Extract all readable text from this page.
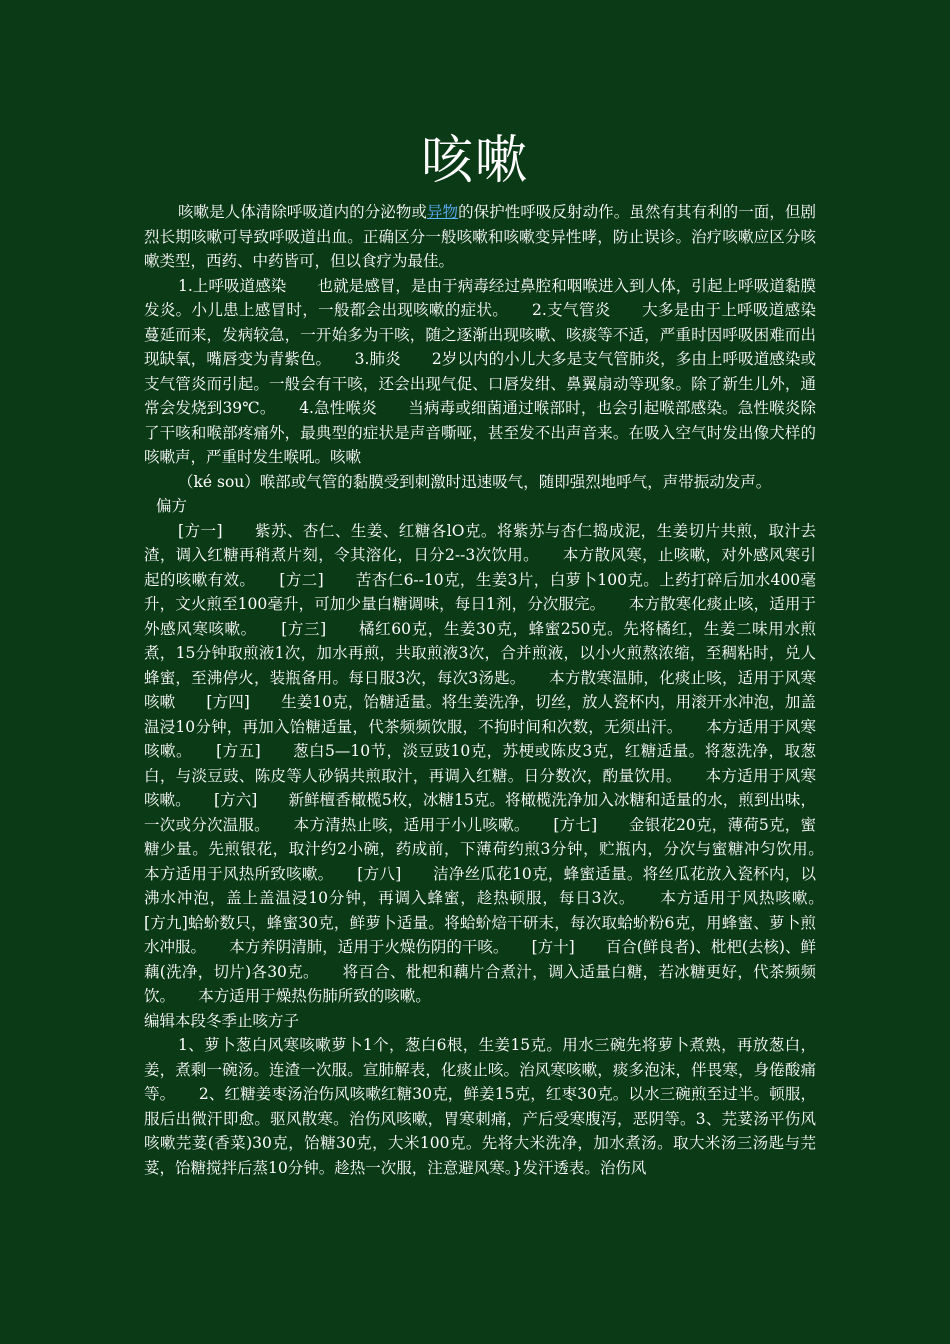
咳嗽

咳嗽是人体清除呼吸道内的分泌物或异物的保护性呼吸反射动作。虽然有其有利的一面，但剧烈长期咳嗽可导致呼吸道出血。正确区分一般咳嗽和咳嗽变异性哮，防止误诊。治疗咳嗽应区分咳嗽类型，西药、中药皆可，但以食疗为最佳。

1.上呼吸道感染　　也就是感冒，是由于病毒经过鼻腔和咽喉进入到人体，引起上呼吸道黏膜发炎。小儿患上感冒时，一般都会出现咳嗽的症状。　　2.支气管炎　　大多是由于上呼吸道感染蔓延而来，发病较急，一开始多为干咳，随之逐渐出现咳嗽、咳痰等不适，严重时因呼吸困难而出现缺氧，嘴唇变为青紫色。　　3.肺炎　　2岁以内的小儿大多是支气管肺炎，多由上呼吸道感染或支气管炎而引起。一般会有干咳，还会出现气促、口唇发绀、鼻翼扇动等现象。除了新生儿外，通常会发烧到39℃。　　4.急性喉炎　　当病毒或细菌通过喉部时，也会引起喉部感染。急性喉炎除了干咳和喉部疼痛外，最典型的症状是声音嘶哑，甚至发不出声音来。在吸入空气时发出像犬样的咳嗽声，严重时发生喉吼。咳嗽

（ké sou）喉部或气管的黏膜受到刺激时迅速吸气，随即强烈地呼气，声带振动发声。

偏方

[方一]　　紫苏、杏仁、生姜、红糖各lO克。将紫苏与杏仁捣成泥，生姜切片共煎，取汁去渣，调入红糖再稍煮片刻，令其溶化，日分2--3次饮用。　　本方散风寒，止咳嗽，对外感风寒引起的咳嗽有效。　　[方二]　　苦杏仁6--10克，生姜3片，白萝卜100克。上药打碎后加水400毫升，文火煎至100毫升，可加少量白糖调味，每日1剂，分次服完。　　本方散寒化痰止咳，适用于外感风寒咳嗽。　　[方三]　　橘红60克，生姜30克，蜂蜜250克。先将橘红，生姜二味用水煎煮，15分钟取煎液1次，加水再煎，共取煎液3次，合并煎液，以小火煎熬浓缩，至稠粘时，兑人蜂蜜，至沸停火，装瓶备用。每日服3次，每次3汤匙。　　本方散寒温肺，化痰止咳，适用于风寒咳嗽　　[方四]　　生姜10克，饴糖适量。将生姜洗净，切丝，放人瓷杯内，用滚开水冲泡，加盖温浸10分钟，再加入饴糖适量，代茶频频饮服，不拘时间和次数，无须出汗。　　本方适用于风寒咳嗽。　　[方五]　　葱白5—10节，淡豆豉10克，苏梗或陈皮3克，红糖适量。将葱洗净，取葱白，与淡豆豉、陈皮等人砂锅共煎取汁，再调入红糖。日分数次，酌量饮用。　　本方适用于风寒咳嗽。　　[方六]　　新鲜檀香橄榄5枚，冰糖15克。将橄榄洗净加入冰糖和适量的水，煎到出味，一次或分次温服。　　本方清热止咳，适用于小儿咳嗽。　　[方七]　　金银花20克，薄荷5克，蜜糖少量。先煎银花，取汁约2小碗，药成前，下薄荷约煎3分钟，贮瓶内，分次与蜜糖冲匀饮用。　　本方适用于风热所致咳嗽。　　[方八]　　洁净丝瓜花10克，蜂蜜适量。将丝瓜花放入瓷杯内，以沸水冲泡，盖上盖温浸10分钟，再调入蜂蜜，趁热顿服，每日3次。　　本方适用于风热咳嗽。　　[方九]蛤蚧数只，蜂蜜30克，鲜萝卜适量。将蛤蚧焙干研末，每次取蛤蚧粉6克，用蜂蜜、萝卜煎水冲服。　　本方养阴清肺，适用于火燥伤阴的干咳。　　[方十]　　百合(鲜良者)、枇杷(去核)、鲜藕(洗净，切片)各30克。　　将百合、枇杷和藕片合煮汁，调入适量白糖，若冰糖更好，代茶频频饮。　　本方适用于燥热伤肺所致的咳嗽。

编辑本段冬季止咳方子

1、萝卜葱白风寒咳嗽萝卜1个，葱白6根，生姜15克。用水三碗先将萝卜煮熟，再放葱白，姜，煮剩一碗汤。连渣一次服。宣肺解表，化痰止咳。治风寒咳嗽，痰多泡沫，伴畏寒，身倦酸痛等。　　2、红糖姜枣汤治伤风咳嗽红糖30克，鲜姜15克，红枣30克。以水三碗煎至过半。顿服，服后出微汗即愈。驱风散寒。治伤风咳嗽，胃寒刺痛，产后受寒腹泻，恶阴等。3、芫荽汤平伤风咳嗽芫荽(香菜)30克，饴糖30克，大米100克。先将大米洗净，加水煮汤。取大米汤三汤匙与芫荽，饴糖搅拌后蒸10分钟。趁热一次服，注意避风寒。}发汗透表。治伤风
